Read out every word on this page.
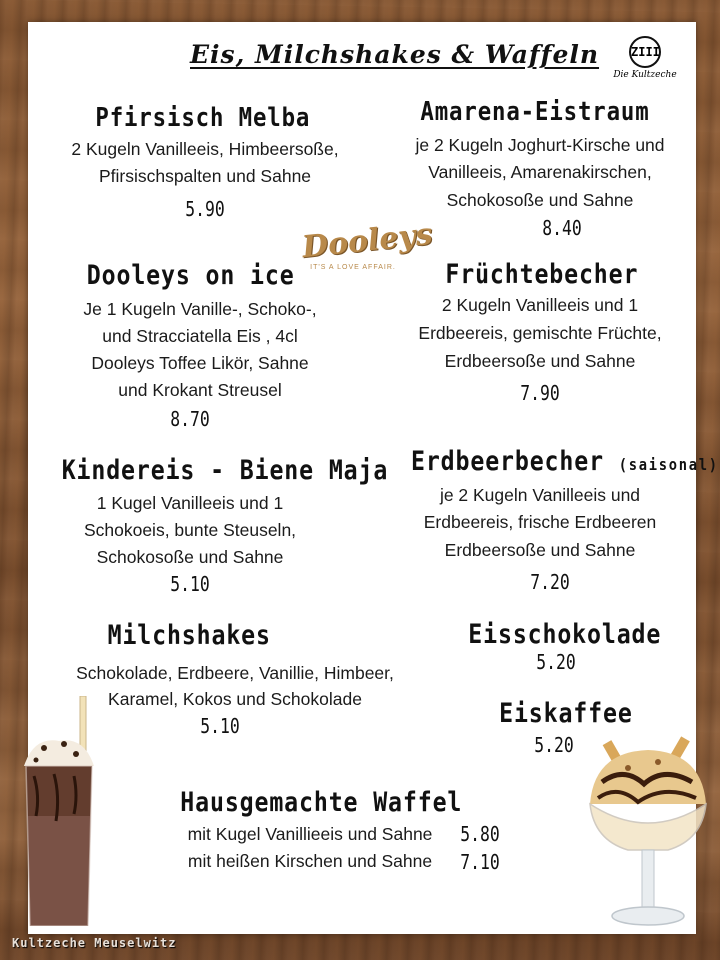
Eis, Milchshakes & Waffeln	ZIII
Die Kultzeche
Pfirsisch Melba
2 Kugeln Vanilleeis, Himbeersoße,
Pfirsischspalten und Sahne
5.90
Amarena-Eistraum
je 2 Kugeln Joghurt-Kirsche und
Vanilleeis, Amarenakirschen,
Schokosoße und Sahne
8.40
Dooleys
IT'S A LOVE AFFAIR.
Dooleys on ice
Je 1 Kugeln Vanille-, Schoko-,
und Stracciatella Eis , 4cl
Dooleys Toffee Likör, Sahne
und Krokant Streusel
8.70
Früchtebecher
2 Kugeln Vanilleeis und 1
Erdbeereis, gemischte Früchte,
Erdbeersoße und Sahne
7.90
Kindereis - Biene Maja
1 Kugel Vanilleeis und 1
Schokoeis, bunte Steuseln,
Schokosoße und Sahne
5.10
Erdbeerbecher (saisonal)
je 2 Kugeln Vanilleeis und
Erdbeereis, frische Erdbeeren
Erdbeersoße und Sahne
7.20
Milchshakes
Schokolade, Erdbeere, Vanillie, Himbeer,
Karamel, Kokos und Schokolade
5.10
Eisschokolade
5.20
Eiskaffee
5.20
Hausgemachte Waffel
mit Kugel Vanillieeis und Sahne	5.80
mit heißen Kirschen und Sahne	7.10
Kultzeche Meuselwitz
